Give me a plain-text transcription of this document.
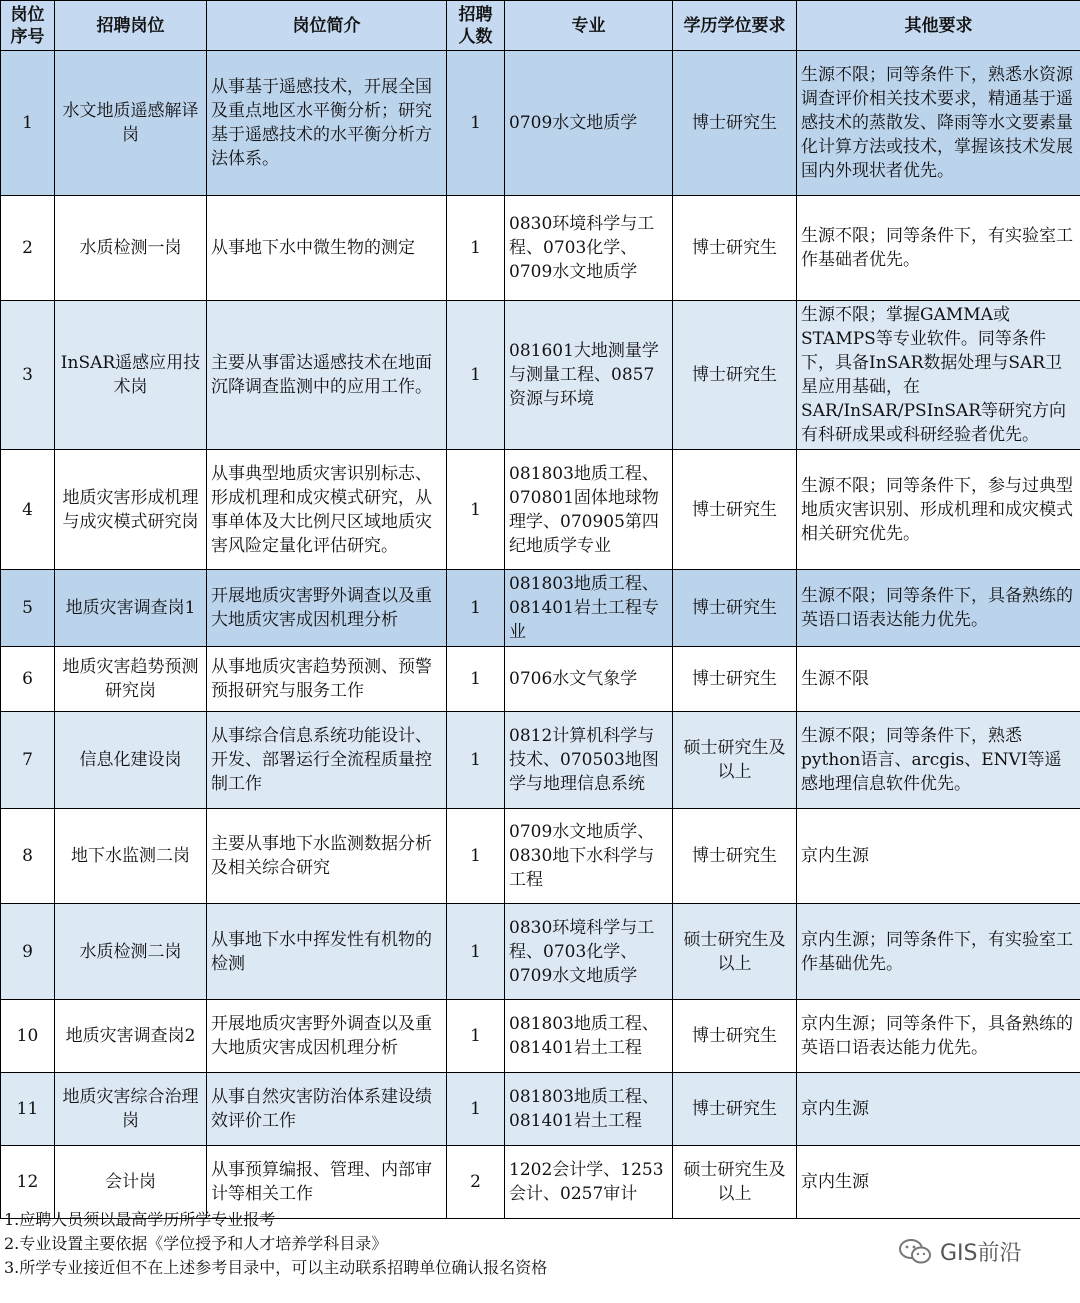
岗位序号	招聘岗位	岗位简介	招聘人数	专业	学历学位要求	其他要求
1	水文地质遥感解译岗	从事基于遥感技术，开展全国及重点地区水平衡分析；研究基于遥感技术的水平衡分析方法体系。	1	0709水文地质学	博士研究生	生源不限；同等条件下，熟悉水资源调查评价相关技术要求，精通基于遥感技术的蒸散发、降雨等水文要素量化计算方法或技术，掌握该技术发展国内外现状者优先。
2	水质检测一岗	从事地下水中微生物的测定	1	0830环境科学与工程、0703化学、0709水文地质学	博士研究生	生源不限；同等条件下，有实验室工作基础者优先。
3	InSAR遥感应用技术岗	主要从事雷达遥感技术在地面沉降调查监测中的应用工作。	1	081601大地测量学与测量工程、0857资源与环境	博士研究生	生源不限；掌握GAMMA或STAMPS等专业软件。同等条件下，具备InSAR数据处理与SAR卫星应用基础，在SAR/InSAR/PSInSAR等研究方向有科研成果或科研经验者优先。
4	地质灾害形成机理与成灾模式研究岗	从事典型地质灾害识别标志、形成机理和成灾模式研究，从事单体及大比例尺区域地质灾害风险定量化评估研究。	1	081803地质工程、070801固体地球物理学、070905第四纪地质学专业	博士研究生	生源不限；同等条件下，参与过典型地质灾害识别、形成机理和成灾模式相关研究优先。
5	地质灾害调查岗1	开展地质灾害野外调查以及重大地质灾害成因机理分析	1	081803地质工程、081401岩土工程专业	博士研究生	生源不限；同等条件下，具备熟练的英语口语表达能力优先。
6	地质灾害趋势预测研究岗	从事地质灾害趋势预测、预警预报研究与服务工作	1	0706水文气象学	博士研究生	生源不限
7	信息化建设岗	从事综合信息系统功能设计、开发、部署运行全流程质量控制工作	1	0812计算机科学与技术、070503地图学与地理信息系统	硕士研究生及以上	生源不限；同等条件下，熟悉python语言、arcgis、ENVI等遥感地理信息软件优先。
8	地下水监测二岗	主要从事地下水监测数据分析及相关综合研究	1	0709水文地质学、0830地下水科学与工程	博士研究生	京内生源
9	水质检测二岗	从事地下水中挥发性有机物的检测	1	0830环境科学与工程、0703化学、0709水文地质学	硕士研究生及以上	京内生源；同等条件下，有实验室工作基础优先。
10	地质灾害调查岗2	开展地质灾害野外调查以及重大地质灾害成因机理分析	1	081803地质工程、081401岩土工程	博士研究生	京内生源；同等条件下，具备熟练的英语口语表达能力优先。
11	地质灾害综合治理岗	从事自然灾害防治体系建设绩效评价工作	1	081803地质工程、081401岩土工程	博士研究生	京内生源
12	会计岗	从事预算编报、管理、内部审计等相关工作	2	1202会计学、1253会计、0257审计	硕士研究生及以上	京内生源
1.应聘人员须以最高学历所学专业报考
2.专业设置主要依据《学位授予和人才培养学科目录》
3.所学专业接近但不在上述参考目录中，可以主动联系招聘单位确认报名资格
GIS前沿
